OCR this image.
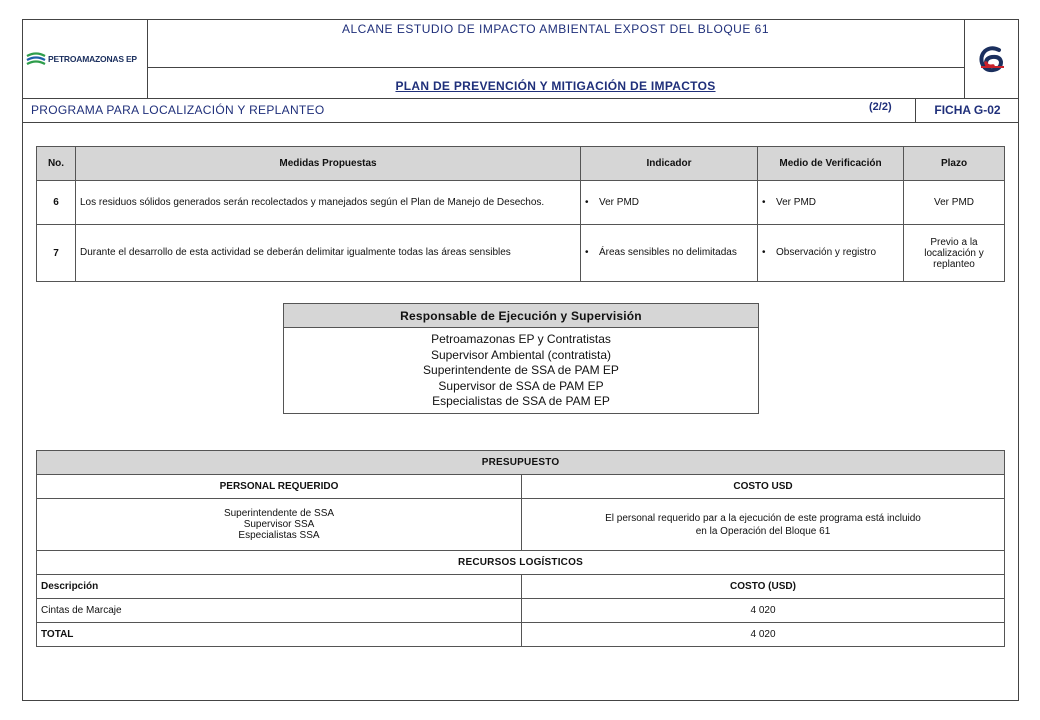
PETROAMAZONAS EP
ALCANE ESTUDIO DE IMPACTO AMBIENTAL EXPOST DEL BLOQUE 61
PLAN DE PREVENCIÓN Y MITIGACIÓN DE IMPACTOS
PROGRAMA PARA LOCALIZACIÓN Y REPLANTEO	(2/2)	FICHA G-02
No.	Medidas Propuestas	Indicador	Medio de Verificación	Plazo
6	Los residuos sólidos generados serán recolectados y manejados según el Plan de Manejo de Desechos.	• Ver PMD	• Ver PMD	Ver PMD
7	Durante el desarrollo de esta actividad se deberán delimitar igualmente todas las áreas sensibles	• Áreas sensibles no delimitadas	• Observación y registro	Previo a la localización y replanteo
Responsable de Ejecución y Supervisión

Petroamazonas EP y Contratistas
Supervisor Ambiental (contratista)
Superintendente de SSA de PAM EP
Supervisor de SSA de PAM EP
Especialistas de SSA de PAM EP
PRESUPUESTO	
PERSONAL REQUERIDO	COSTO USD

Superintendente de SSA
Supervisor SSA
Especialistas SSA	El personal requerido par a la ejecución de este programa está incluido en la Operación del Bloque 61
RECURSOS LOGÍSTICOS	
Descripción	COSTO (USD)
Cintas de Marcaje	4 020
TOTAL	4 020
